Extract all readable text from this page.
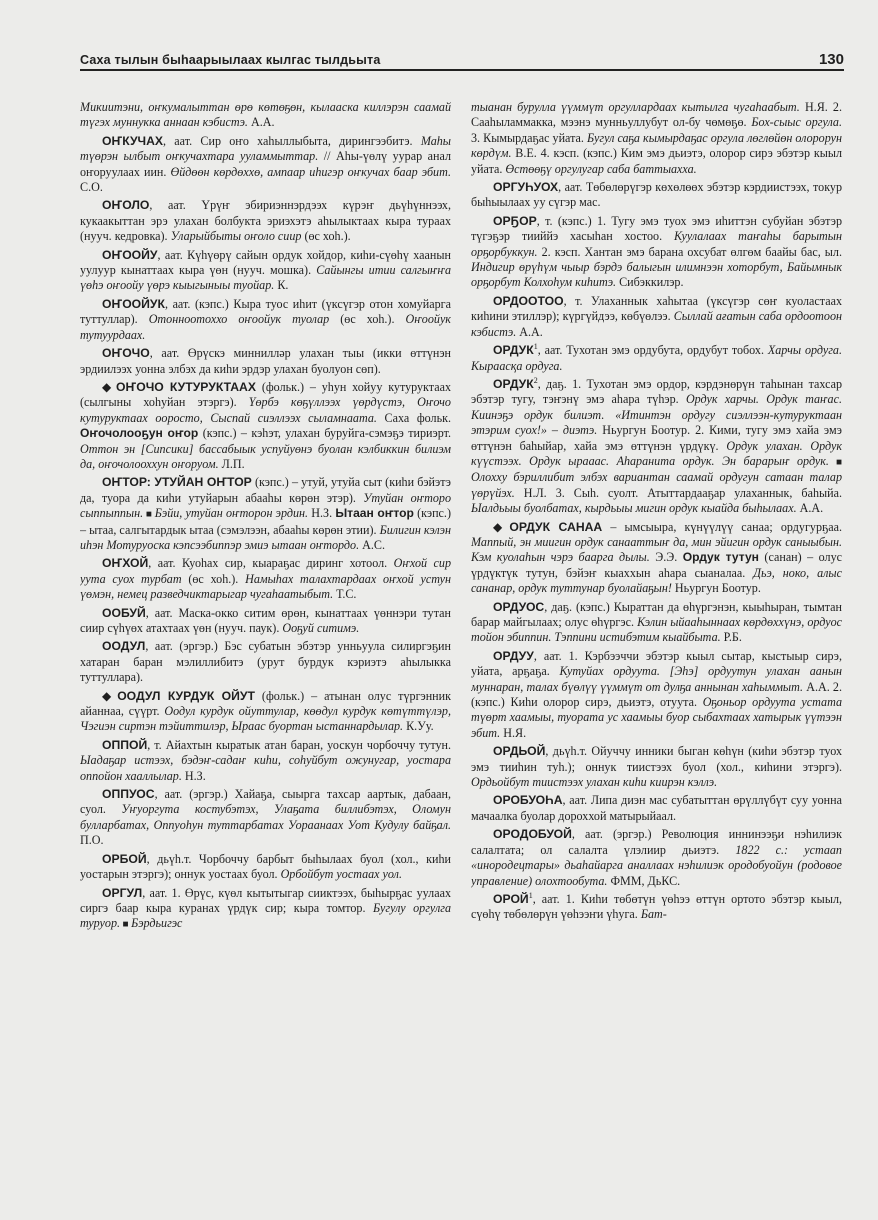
Саха тылын быһаарыылаах кылгас тылдьыта	130

Микиитэни, оҥкумалыттан өрө көтөҕөн, кылааска киллэрэн саамай түгэх муннукка аннаан кэбистэ. А.А.

ОҤКУЧАХ, аат. Сир оҥо хаһыллыбыта, дирингээбитэ. Маһы түөрэн ылбыт оҥкучахтара ууламмыттар. // Аһы-үөлү уурар анал оҥоруулаах иин. Өйдөөн көрдөххө, ампаар иһигэр оҥкучах баар эбит. С.О.

ОҤОЛО, аат. Үрүҥ эбириэннэрдээх күрэҥ дьүһүннээх, кукаакыттан эрэ улахан болбукта эриэхэтэ аһылыктаах кыра тураах (нууч. кедровка). Уларыйбыты оҥоло сиир (өс хоһ.).

ОҤООЙУ, аат. Күһүөрү сайын ордук хойдор, киһи-сүөһү хаанын уулуур кынаттаах кыра үөн (нууч. мошка). Сайынгы итии салгыҥҥа үөһэ оҥоойу үөрэ кыыгыныы туойар. К.

ОҤООЙУК, аат. (кэпс.) Кыра туос иһит (үксүгэр отон хомуйарга туттуллар). Отонноотоххо оҥоойук туолар (өс хоһ.). Оҥоойук тутуурдаах.

ОҤОЧО, аат. Өрүскэ миннилләр улахан тыы (икки өттүнэн эрдиилээх уонна элбэх да киһи эрдэр улахан буолуон сөп).

◆ ОҤОЧО КУТУРУКТААХ (фольк.) – уһун хойуу кутуруктаах (сылгыны хоһуйан этэргэ). Үөрбэ көҕүллээх үөрдүстэ, Оҥочо кутуруктаах ооросто, Сыспай сиэллээх сыламнаата. Саха фольк. Оҥочолооҕун оҥор (кэпс.) – кэһэт, улахан буруйга-сэмэҕэ тириэрт. Оттон эн [Сипсики] бассабыык успуйуөнэ буолан кэлбиккин билиэм да, оҥочолооххун оҥоруом. Л.П.

ОҤТОР: УТУЙАН ОҤТОР (кэпс.) – утуй, утуйа сыт (киһи бэйэтэ да, туора да киһи утуйарын абааһы көрөн этэр). Утуйан оҥторо сыппыппын. ■ Бэйи, утуйан оҥторон эрдин. Н.З. Ытаан оҥтор (кэпс.) – ытаа, салгытардык ытаа (сэмэлээн, абааһы көрөн этии). Билигин кэлэн иһэн Мотуруоска кэпсээбиппэр эмиэ ытаан оҥтордо. А.С.

ОҤХОЙ, аат. Куоһах сир, кыараҕас диринг хотоол. Оҥхой сир уута суох турбат (өс хоһ.). Намыһах талахтардаах оҥхой устун үөмэн, немец разведчиктарыгар чугаһаатыбыт. Т.С.

ООБУЙ, аат. Маска-окко ситим өрөн, кынаттаах үөннэри тутан сиир сүһүөх атахтаах үөн (нууч. паук). Ооҕуй ситимэ.

ООДУЛ, аат. (эргэр.) Бэс субатын эбэтэр унньуула силиргэҕин хатаран баран мэлиллибитэ (урут бурдук кэриэтэ аһылыкка туттуллара).

◆ ООДУЛ КУРДУК ОЙУТ (фольк.) – атынан олус түргэнник айаннаа, сүүрт. Оодул курдук ойуттулар, көөдул курдук көтүттүлэр, Чэгиэн сиртэн тэйиттилэр, Ыраас буортан ыстаннардылар. К.Уу.

ОППОЙ, т. Айахтын кыратык атан баран, уоскун чорбоччу тутун. Ыадаҕар истээх, бэдэҥ-садаҥ киһи, соһуйбут ожунугар, уостара оппойон хааллылар. Н.З.

ОППУОС, аат. (эргэр.) Хайаҕа, сыырга тахсар аартык, дабаан, суол. Уҥуоргута костубэтэх, Улаҕата биллибэтэх, Оломун булларбатах, Оппуоһун туттарбатах Уораанаах Уот Кудулу байҕал. П.О.

ОРБОЙ, дьүһ.т. Чорбоччу барбыт быһылаах буол (хол., киһи уостарын этэргэ); оннук уостаах буол. Орбойбут уостаах уол.

ОРГУЛ, аат. 1. Өрүс, күөл кытытыгар сииктээх, быһырҕас уулаах сиргэ баар кыра куранах үрдүк сир; кыра томтор. Бугулу оргулга туруор. ■ Бэрдьигэс

тыанан бурулла үүммүт оргуллардаах кытылга чугаһаабыт. Н.Я. 2. Сааһыламмакка, мээнэ мунньуллубут ол-бу чөмөҕө. Бох-сыыс оргула. 3. Кымырдаҕас уйата. Бугул саҕа кымырдаҕас оргула лөглөйөн олорорун көрдүм. В.Е. 4. кэсп. (кэпс.) Ким эмэ дьиэтэ, олорор сирэ эбэтэр кыыл уйата. Өстөөҕү оргулугар саба баттыахха.

ОРГУҺУОХ, аат. Төбөлөрүгэр көхөлөөх эбэтэр кэрдиистээх, токур быһыылаах уу сүгэр мас.

ОРҔОР, т. (кэпс.) 1. Тугу эмэ туох эмэ иһиттэн субуйан эбэтэр түгэҕэр тииййэ хасыһан хостоо. Куулалаах таҥаһы барытын орҕорбуккун. 2. кэсп. Хантан эмэ барана охсубат өлгөм баайы бас, ыл. Индигир өрүһүм чыыр бэрдэ балыгын илимнээн хоторбут, Байымнык орҕорбут Колхоһум киһитэ. Сибэккилэр.

ОРДООТОО, т. Улаханнык хаһытаа (үксүгэр сөҥ куоластаах киһини этиллэр); күргүйдээ, көбүөлээ. Сыллай ағатын саба ордоотоон кэбистэ. А.А.

ОРДУК$^1$, аат. Тухотан эмэ ордубута, ордубут тобох. Харчы ордуга. Кыраасқа ордуга.

ОРДУК$^2$, даҕ. 1. Тухотан эмэ ордор, кэрдэнөрүн таһынан тахсар эбэтэр тугу, тэҥэнү эмэ аһара түһэр. Ордук харчы. Ордук таҥас. Киинэҕэ ордук билиэт. «Итинтэн ордугу сиэллээн-кутуруктаан этэрим суох!» – диэтэ. Ньургун Боотур. 2. Кими, тугу эмэ хайа эмэ өттүнэн баһыйар, хайа эмэ өттүнэн үрдүкү. Ордук улахан. Ордук күүстээх. Ордук ырааас. Аһаранита ордук. Эн барарыҥ ордук. ■ Олохху бэриллибит элбэх вариантан саамай ордугун сатаан талар үөрүйэх. Н.Л. 3. Сыһ. суолт. Атыттардааҕар улаханнык, баһыйа. Ыалдьыы буолбатах, кырдьыы мигин ордук кыайда быһылаах. А.А.

◆ ОРДУК САНАА – ымсыыра, күнүүлүү санаа; ордугурҕаа. Маппый, эн миигин ордук санааттыҥ да, мин эйигин ордук саныыбын. Кэм куолаһын чэрэ баарга дылы. Э.Э. Ордук тутун (санан) – олус үрдүктүк тутун, бэйэҥ кыаххын аһара сыаналаа. Дьэ, ноко, алыс сананар, ордук туттунар буолайаҕын! Ньургун Боотур.

ОРДУОС, даҕ. (кэпс.) Кыраттан да өһүргэнэн, кыыһыран, тымтан барар майгылаах; олус өһүргэс. Кэлин ыйааһыннаах көрдөххүнэ, ордуос тойон эбиппин. Тэппини истибэтим кыайбыта. Р.Б.

ОРДУУ, аат. 1. Кэрбээччи эбэтэр кыыл сытар, кыстыыр сирэ, уйата, арҕаҕа. Кутуйах ордуута. [Эһэ] ордуутун улахан аанын муннаран, талах бүөлүү үүммүт от дулҕа аннынан хаһыммыт. А.А. 2. (кэпс.) Киһи олорор сирэ, дьиэтэ, отуута. Оҕоньор ордуута устата түөрт хаамыы, туората ус хаамыы буор сыбахтаах хатырык үүтээн эбит. Н.Я.

ОРДЬОЙ, дьүһ.т. Ойуччу инники быган көһүн (киһи эбэтэр туох эмэ тииһин туһ.); оннук тиистээх буол (хол., киһини этэргэ). Ордьойбут тиистээх улахан киһи киирэн кэллэ.

ОРОБУОҺА, аат. Липа диэн мас субатыттан өрүллүбүт суу уонна мачаалка буолар дороххой матырыйаал.

ОРОДОБУОЙ, аат. (эргэр.) Революция иннинээҕи нэһилиэк салалтата; ол салалта үлэлиир дьиэтэ. 1822 с.: устаап «инородецтары» дьаһайарга аналлаах нэһилиэк ородобуойун (родовое управление) олохтообута. ФММ, ДьКС.

ОРОЙ$^1$, аат. 1. Киһи төбөтүн үөһээ өттүн ортото эбэтэр кыыл, сүөһү төбөлөрүн үөһээҥи үһуга. Бат-
